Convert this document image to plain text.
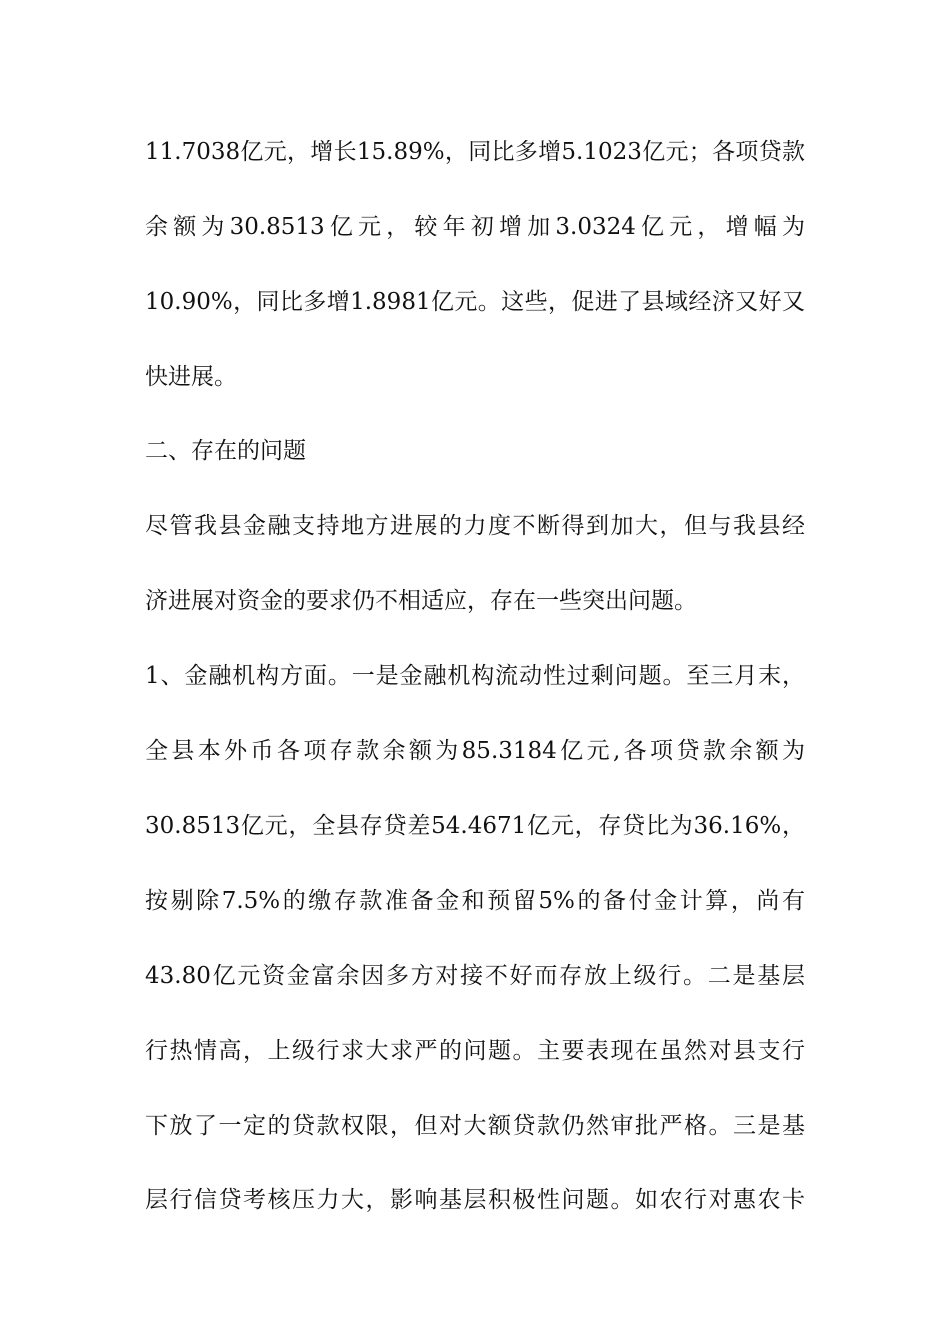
11.7038亿元，增长15.89%，同比多增5.1023亿元；各项贷款
余额为30.8513亿元，较年初增加3.0324亿元，增幅为
10.90%，同比多增1.8981亿元。这些，促进了县域经济又好又
快进展。
二、存在的问题
尽管我县金融支持地方进展的力度不断得到加大，但与我县经
济进展对资金的要求仍不相适应，存在一些突出问题。
1、金融机构方面。一是金融机构流动性过剩问题。至三月末，
全县本外币各项存款余额为85.3184亿元,各项贷款余额为
30.8513亿元，全县存贷差54.4671亿元，存贷比为36.16%，
按剔除7.5%的缴存款准备金和预留5%的备付金计算，尚有
43.80亿元资金富余因多方对接不好而存放上级行。二是基层
行热情高，上级行求大求严的问题。主要表现在虽然对县支行
下放了一定的贷款权限，但对大额贷款仍然审批严格。三是基
层行信贷考核压力大，影响基层积极性问题。如农行对惠农卡
